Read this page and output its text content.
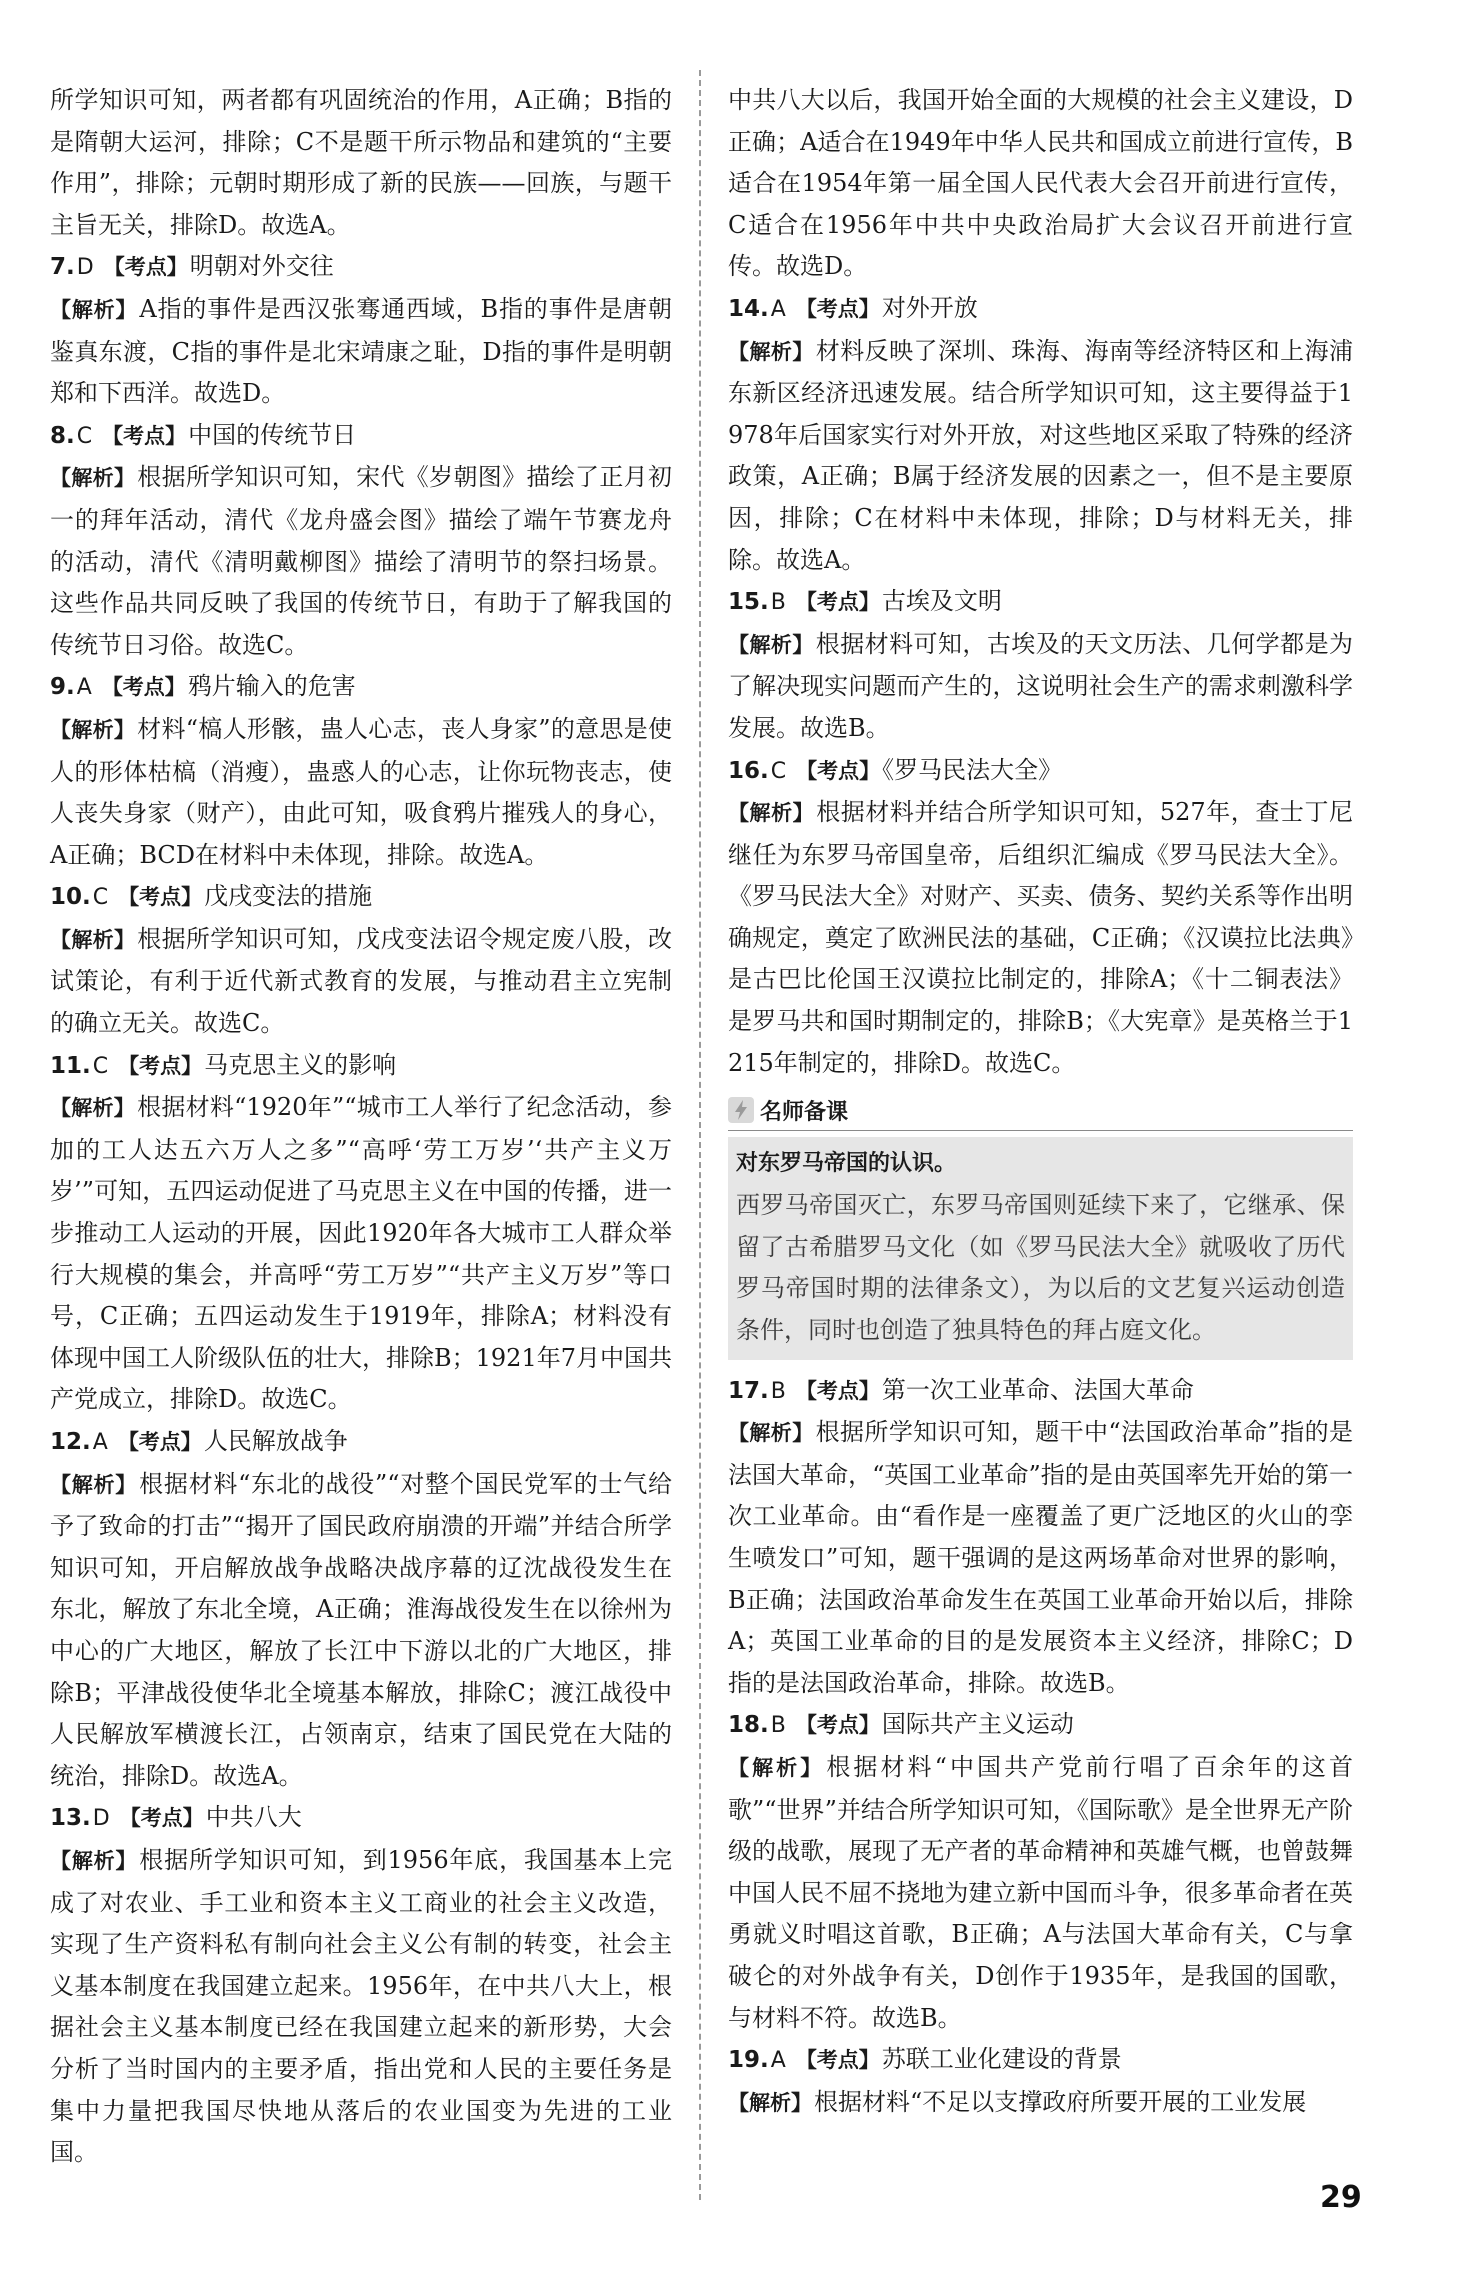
所学知识可知，两者都有巩固统治的作用，A正确；B指的是隋朝大运河，排除；C不是题干所示物品和建筑的“主要作用”，排除；元朝时期形成了新的民族——回族，与题干主旨无关，排除D。故选A。

7.D 【考点】明朝对外交往

【解析】A指的事件是西汉张骞通西域，B指的事件是唐朝鉴真东渡，C指的事件是北宋靖康之耻，D指的事件是明朝郑和下西洋。故选D。

8.C 【考点】中国的传统节日

【解析】根据所学知识可知，宋代《岁朝图》描绘了正月初一的拜年活动，清代《龙舟盛会图》描绘了端午节赛龙舟的活动，清代《清明戴柳图》描绘了清明节的祭扫场景。这些作品共同反映了我国的传统节日，有助于了解我国的传统节日习俗。故选C。

9.A 【考点】鸦片输入的危害

【解析】材料“槁人形骸，蛊人心志，丧人身家”的意思是使人的形体枯槁（消瘦），蛊惑人的心志，让你玩物丧志，使人丧失身家（财产），由此可知，吸食鸦片摧残人的身心，A正确；BCD在材料中未体现，排除。故选A。

10.C 【考点】戊戌变法的措施

【解析】根据所学知识可知，戊戌变法诏令规定废八股，改试策论，有利于近代新式教育的发展，与推动君主立宪制的确立无关。故选C。

11.C 【考点】马克思主义的影响

【解析】根据材料“1920年”“城市工人举行了纪念活动，参加的工人达五六万人之多”“高呼‘劳工万岁’‘共产主义万岁’”可知，五四运动促进了马克思主义在中国的传播，进一步推动工人运动的开展，因此1920年各大城市工人群众举行大规模的集会，并高呼“劳工万岁”“共产主义万岁”等口号，C正确；五四运动发生于1919年，排除A；材料没有体现中国工人阶级队伍的壮大，排除B；1921年7月中国共产党成立，排除D。故选C。

12.A 【考点】人民解放战争

【解析】根据材料“东北的战役”“对整个国民党军的士气给予了致命的打击”“揭开了国民政府崩溃的开端”并结合所学知识可知，开启解放战争战略决战序幕的辽沈战役发生在东北，解放了东北全境，A正确；淮海战役发生在以徐州为中心的广大地区，解放了长江中下游以北的广大地区，排除B；平津战役使华北全境基本解放，排除C；渡江战役中人民解放军横渡长江，占领南京，结束了国民党在大陆的统治，排除D。故选A。

13.D 【考点】中共八大

【解析】根据所学知识可知，到1956年底，我国基本上完成了对农业、手工业和资本主义工商业的社会主义改造，实现了生产资料私有制向社会主义公有制的转变，社会主义基本制度在我国建立起来。1956年，在中共八大上，根据社会主义基本制度已经在我国建立起来的新形势，大会分析了当时国内的主要矛盾，指出党和人民的主要任务是集中力量把我国尽快地从落后的农业国变为先进的工业国。

中共八大以后，我国开始全面的大规模的社会主义建设，D正确；A适合在1949年中华人民共和国成立前进行宣传，B适合在1954年第一届全国人民代表大会召开前进行宣传，C适合在1956年中共中央政治局扩大会议召开前进行宣传。故选D。

14.A 【考点】对外开放

【解析】材料反映了深圳、珠海、海南等经济特区和上海浦东新区经济迅速发展。结合所学知识可知，这主要得益于1978年后国家实行对外开放，对这些地区采取了特殊的经济政策，A正确；B属于经济发展的因素之一，但不是主要原因，排除；C在材料中未体现，排除；D与材料无关，排除。故选A。

15.B 【考点】古埃及文明

【解析】根据材料可知，古埃及的天文历法、几何学都是为了解决现实问题而产生的，这说明社会生产的需求刺激科学发展。故选B。

16.C 【考点】《罗马民法大全》

【解析】根据材料并结合所学知识可知，527年，查士丁尼继任为东罗马帝国皇帝，后组织汇编成《罗马民法大全》。《罗马民法大全》对财产、买卖、债务、契约关系等作出明确规定，奠定了欧洲民法的基础，C正确；《汉谟拉比法典》是古巴比伦国王汉谟拉比制定的，排除A；《十二铜表法》是罗马共和国时期制定的，排除B；《大宪章》是英格兰于1215年制定的，排除D。故选C。

名师备课

对东罗马帝国的认识。

西罗马帝国灭亡，东罗马帝国则延续下来了，它继承、保留了古希腊罗马文化（如《罗马民法大全》就吸收了历代罗马帝国时期的法律条文），为以后的文艺复兴运动创造条件，同时也创造了独具特色的拜占庭文化。

17.B 【考点】第一次工业革命、法国大革命

【解析】根据所学知识可知，题干中“法国政治革命”指的是法国大革命，“英国工业革命”指的是由英国率先开始的第一次工业革命。由“看作是一座覆盖了更广泛地区的火山的孪生喷发口”可知，题干强调的是这两场革命对世界的影响，B正确；法国政治革命发生在英国工业革命开始以后，排除A；英国工业革命的目的是发展资本主义经济，排除C；D指的是法国政治革命，排除。故选B。

18.B 【考点】国际共产主义运动

【解析】根据材料“中国共产党前行唱了百余年的这首歌”“世界”并结合所学知识可知，《国际歌》是全世界无产阶级的战歌，展现了无产者的革命精神和英雄气概，也曾鼓舞中国人民不屈不挠地为建立新中国而斗争，很多革命者在英勇就义时唱这首歌，B正确；A与法国大革命有关，C与拿破仑的对外战争有关，D创作于1935年，是我国的国歌，与材料不符。故选B。

19.A 【考点】苏联工业化建设的背景

【解析】根据材料“不足以支撑政府所要开展的工业发展

29
